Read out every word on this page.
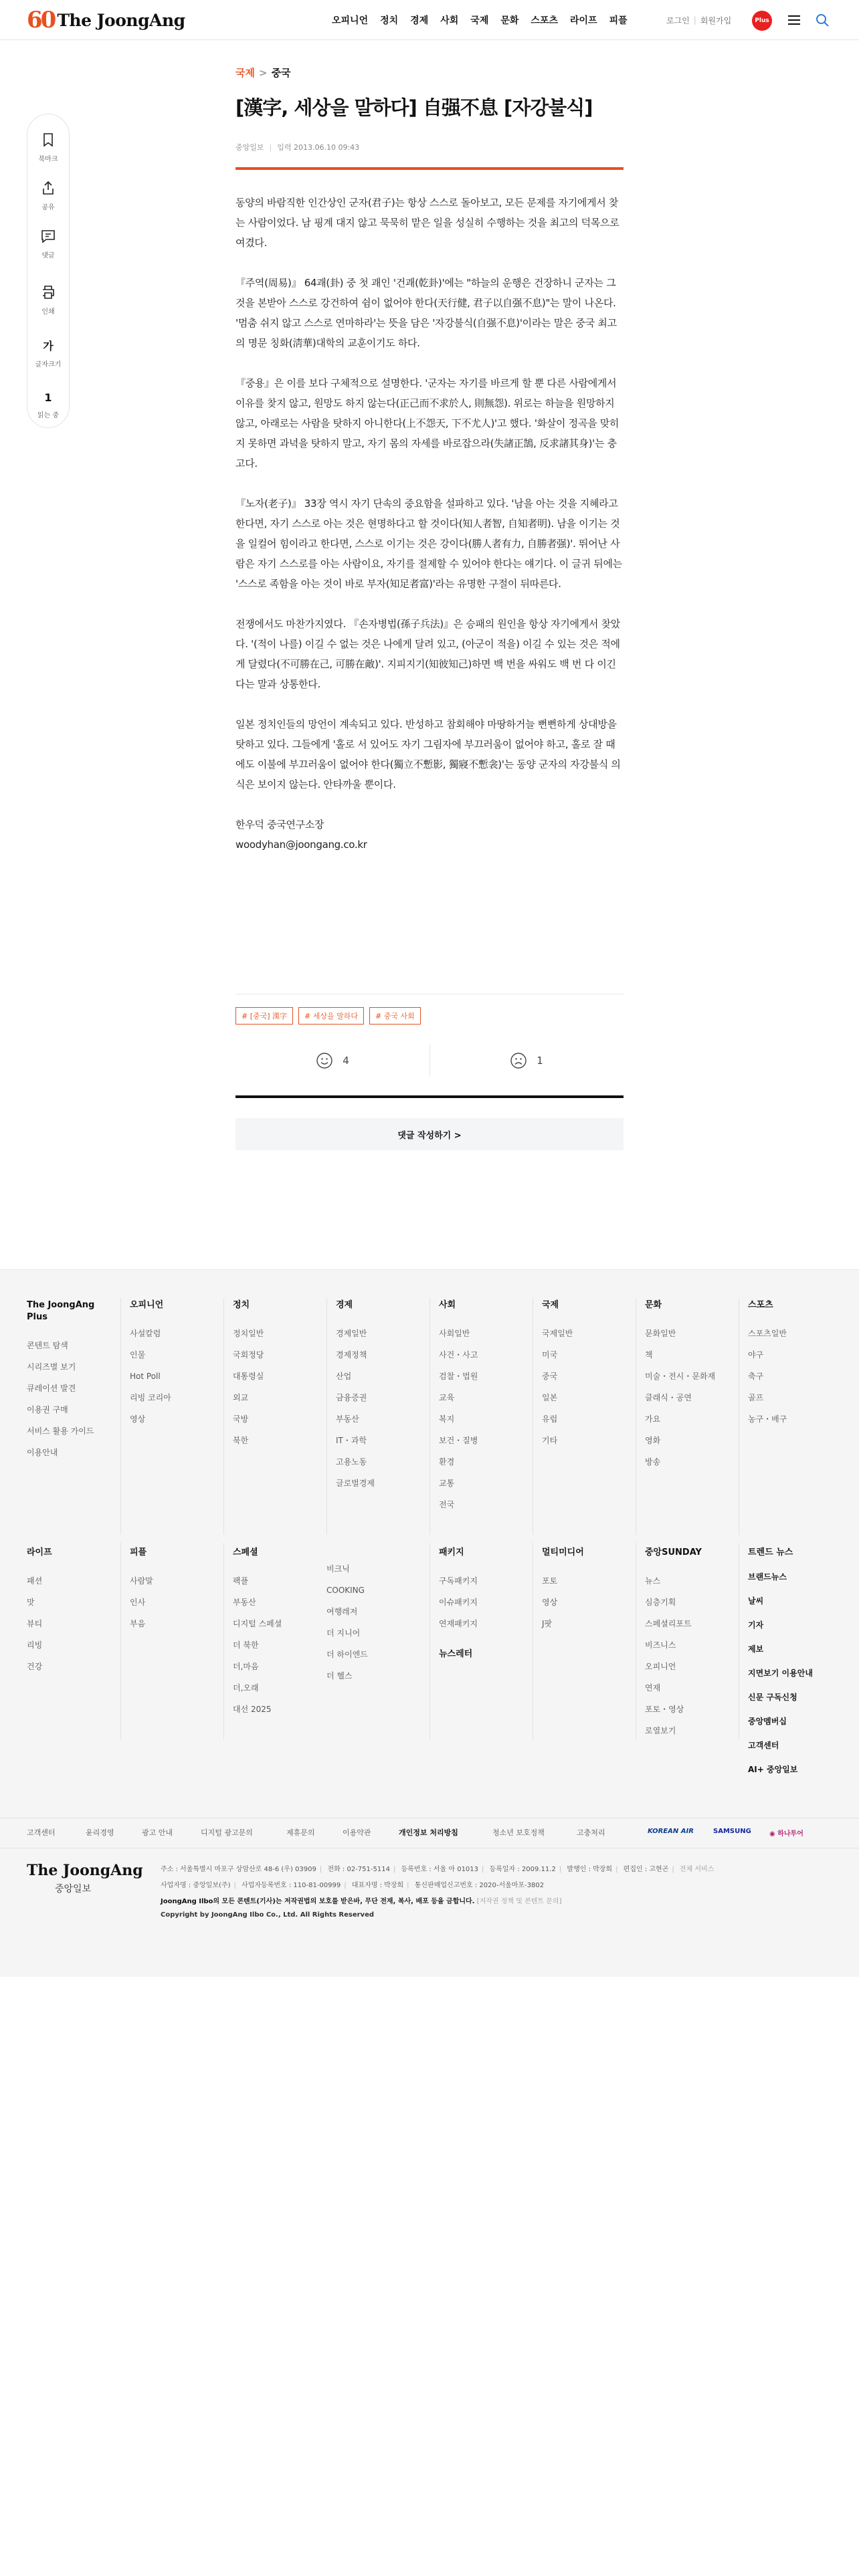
60 The JoongAng	오피니언 정치 경제 사회 국제 문화 스포츠 라이프 피플	로그인 | 회원가입	Plus
북마크
공유
댓글
인쇄
가
글자크기
1
읽는 중
국제 > 중국
[漢字, 세상을 말하다] 自强不息 [자강불식]
중앙일보 | 입력 2013.06.10 09:43

동양의 바람직한 인간상인 군자(君子)는 항상 스스로 돌아보고, 모든 문제를 자기에게서 찾는 사람이었다. 남 핑계 대지 않고 묵묵히 맡은 일을 성실히 수행하는 것을 최고의 덕목으로 여겼다.

『주역(周易)』 64괘(卦) 중 첫 괘인 '건괘(乾卦)'에는 "하늘의 운행은 건장하니 군자는 그것을 본받아 스스로 강건하여 쉼이 없어야 한다(天行健, 君子以自强不息)"는 말이 나온다. '멈춤 쉬지 않고 스스로 연마하라'는 뜻을 담은 '자강불식(自强不息)'이라는 말은 중국 최고의 명문 칭화(淸華)대학의 교훈이기도 하다.

『중용』은 이를 보다 구체적으로 설명한다. '군자는 자기를 바르게 할 뿐 다른 사람에게서 이유를 찾지 않고, 원망도 하지 않는다(正己而不求於人, 則無怨). 위로는 하늘을 원망하지 않고, 아래로는 사람을 탓하지 아니한다(上不怨天, 下不尤人)'고 했다. '화살이 정곡을 맞히지 못하면 과녁을 탓하지 말고, 자기 몸의 자세를 바로잡으라(失諸正鵠, 反求諸其身)'는 충고다.

『노자(老子)』 33장 역시 자기 단속의 중요함을 설파하고 있다. '남을 아는 것을 지혜라고 한다면, 자기 스스로 아는 것은 현명하다고 할 것이다(知人者智, 自知者明). 남을 이기는 것을 일컬어 힘이라고 한다면, 스스로 이기는 것은 강이다(勝人者有力, 自勝者强)'. 뛰어난 사람은 자기 스스로를 아는 사람이요, 자기를 절제할 수 있어야 한다는 얘기다. 이 글귀 뒤에는 '스스로 족함을 아는 것이 바로 부자(知足者富)'라는 유명한 구절이 뒤따른다.

전쟁에서도 마찬가지였다. 『손자병법(孫子兵法)』은 승패의 원인을 항상 자기에게서 찾았다. '(적이 나를) 이길 수 없는 것은 나에게 달려 있고, (아군이 적을) 이길 수 있는 것은 적에게 달렸다(不可勝在己, 可勝在敵)'. 지피지기(知彼知己)하면 백 번을 싸워도 백 번 다 이긴다는 말과 상통한다.

일본 정치인들의 망언이 계속되고 있다. 반성하고 참회해야 마땅하거늘 뻔뻔하게 상대방을 탓하고 있다. 그들에게 '홀로 서 있어도 자기 그림자에 부끄러움이 없어야 하고, 홀로 잘 때에도 이불에 부끄러움이 없어야 한다(獨立不慙影, 獨寢不慙衾)'는 동양 군자의 자강불식 의식은 보이지 않는다. 안타까울 뿐이다.

한우덕 중국연구소장
woodyhan@joongang.co.kr
# [중국] 漢字	# 세상을 말하다	# 중국 사회
4	1
댓글 작성하기 >
The JoongAng Plus
콘텐트 탐색
시리즈별 보기
큐레이션 발견
이용권 구매
서비스 활용 가이드
이용안내
오피니언
사설칼럼
인물
Hot Poll
리빙 코리아
영상
정치
정치일반
국회정당
대통령실
외교
국방
북한
경제
경제일반
경제정책
산업
금융증권
부동산
IT・과학
고용노동
글로벌경제
사회
사회일반
사건・사고
검찰・법원
교육
복지
보건・질병
환경
교통
전국
국제
국제일반
미국
중국
일본
유럽
기타
문화
문화일반
책
미술・전시・문화재
클래식・공연
가요
영화
방송
스포츠
스포츠일반
야구
축구
골프
농구・배구
라이프
패션
맛
뷰티
리빙
건강
피플
사람말
인사
부음
스페셜
팩플
부동산
디지털 스페셜
더 북한
더,마음
더,오래
대선 2025
비크닉
COOKING
여행레저
더 지니어
더 하이엔드
더 헬스
패키지
구독패키지
이슈패키지
연재패키지
뉴스레터
멀티미디어
포토
영상
J팟
중앙SUNDAY
뉴스
심층기획
스페셜리포트
비즈니스
오피니언
연재
포토・영상
로열보기
트렌드 뉴스
브랜드뉴스
날씨
기자
제보
지면보기 이용안내
신문 구독신청
중앙멤버십
고객센터
AI+ 중앙일보
고객센터	윤리경영	광고 안내	디지털 광고문의	제휴문의	이용약관	개인정보 처리방침	청소년 보호정책	고충처리	KOREAN AIR	SAMSUNG	◉ 하나투어
The JoongAng
중앙일보
주소 : 서울특별시 마포구 상암산로 48-6 (우) 03909 | 전화 : 02-751-5114 | 등록번호 : 서울 아 01013 | 등록일자 : 2009.11.2 | 발행인 : 박장희 | 편집인 : 고현곤 | 전체 서비스
사업자명 : 중앙일보(주) | 사업자등록번호 : 110-81-00999 | 대표자명 : 박장희 | 통신판매업신고번호 : 2020-서울마포-3802
JoongAng Ilbo의 모든 콘텐트(기사)는 저작권법의 보호를 받은바, 무단 전재, 복사, 배포 등을 금합니다. [저작권 정책 및 콘텐트 문의]
Copyright by JoongAng Ilbo Co., Ltd. All Rights Reserved
